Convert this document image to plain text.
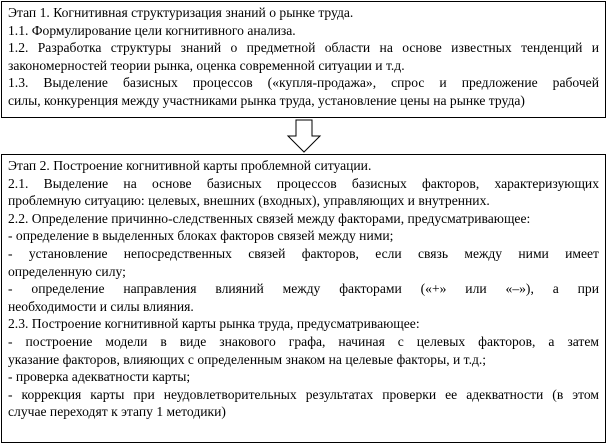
Этап 1. Когнитивная структуризация знаний о рынке труда.
1.1. Формулирование цели когнитивного анализа.
1.2. Разработка структуры знаний о предметной области на основе известных тенденций и
закономерностей теории рынка, оценка современной ситуации и т.д.
1.3. Выделение базисных процессов («купля-продажа», спрос и предложение рабочей
силы, конкуренция между участниками рынка труда, установление цены на рынке труда)
Этап 2. Построение когнитивной карты проблемной ситуации.
2.1. Выделение на основе базисных процессов базисных факторов, характеризующих
проблемную ситуацию: целевых, внешних (входных), управляющих и внутренних.
2.2. Определение причинно-следственных связей между факторами, предусматривающее:
- определение в выделенных блоках факторов связей между ними;
- установление непосредственных связей факторов, если связь между ними имеет
определенную силу;
- определение направления влияний между факторами («+» или «–»), а при
необходимости и силы влияния.
2.3. Построение когнитивной карты рынка труда, предусматривающее:
- построение модели в виде знакового графа, начиная с целевых факторов, а затем
указание факторов, влияющих с определенным знаком на целевые факторы, и т.д.;
- проверка адекватности карты;
- коррекция карты при неудовлетворительных результатах проверки ее адекватности (в этом
случае переходят к этапу 1 методики)
